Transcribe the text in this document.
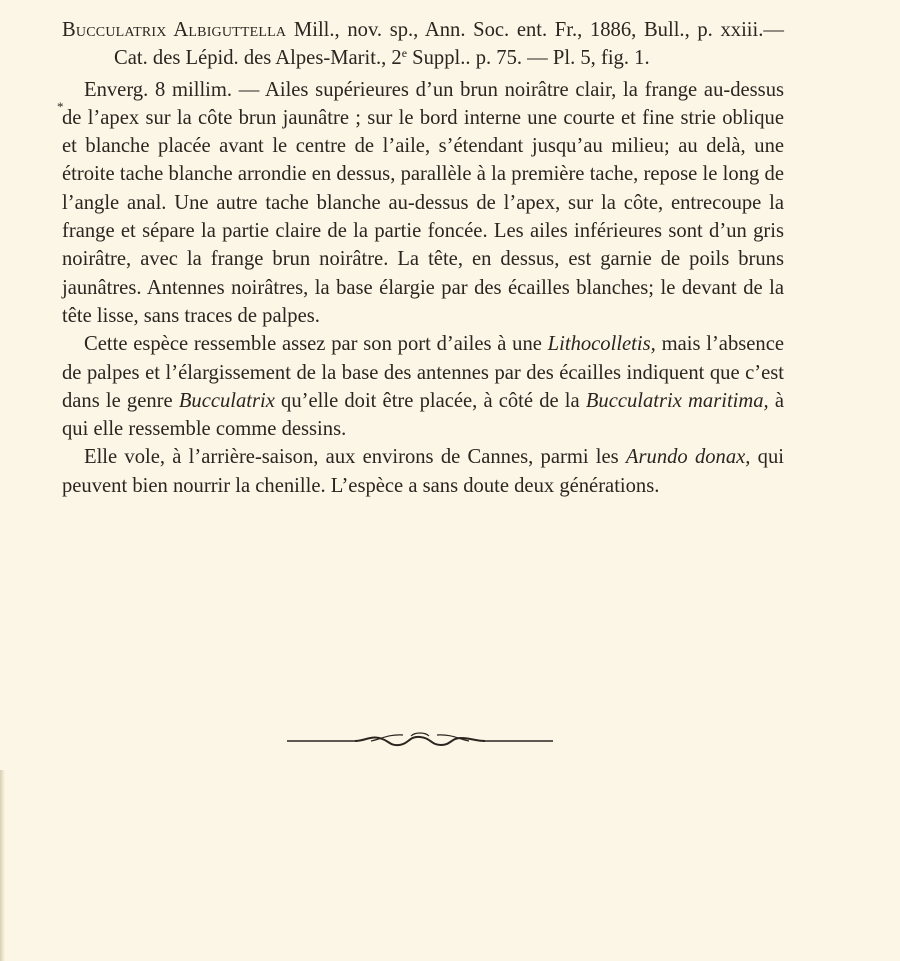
*

Bucculatrix Albiguttella Mill., nov. sp., Ann. Soc. ent. Fr., 1886, Bull., p. xxiii.—Cat. des Lépid. des Alpes-Marit., 2e Suppl.. p. 75. — Pl. 5, fig. 1.

Enverg. 8 millim. — Ailes supérieures d’un brun noirâtre clair, la frange au-dessus de l’apex sur la côte brun jaunâtre ; sur le bord interne une courte et fine strie oblique et blanche placée avant le centre de l’aile, s’étendant jusqu’au milieu; au delà, une étroite tache blanche arrondie en dessus, parallèle à la première tache, repose le long de l’angle anal. Une autre tache blanche au-dessus de l’apex, sur la côte, entrecoupe la frange et sépare la partie claire de la partie foncée. Les ailes inférieures sont d’un gris noirâtre, avec la frange brun noirâtre. La tête, en dessus, est garnie de poils bruns jaunâtres. Antennes noirâtres, la base élargie par des écailles blanches; le devant de la tête lisse, sans traces de palpes.

Cette espèce ressemble assez par son port d’ailes à une Lithocolletis, mais l’absence de palpes et l’élargissement de la base des antennes par des écailles indiquent que c’est dans le genre Bucculatrix qu’elle doit être placée, à côté de la Bucculatrix maritima, à qui elle ressemble comme dessins.

Elle vole, à l’arrière-saison, aux environs de Cannes, parmi les Arundo donax, qui peuvent bien nourrir la chenille. L’espèce a sans doute deux générations.
